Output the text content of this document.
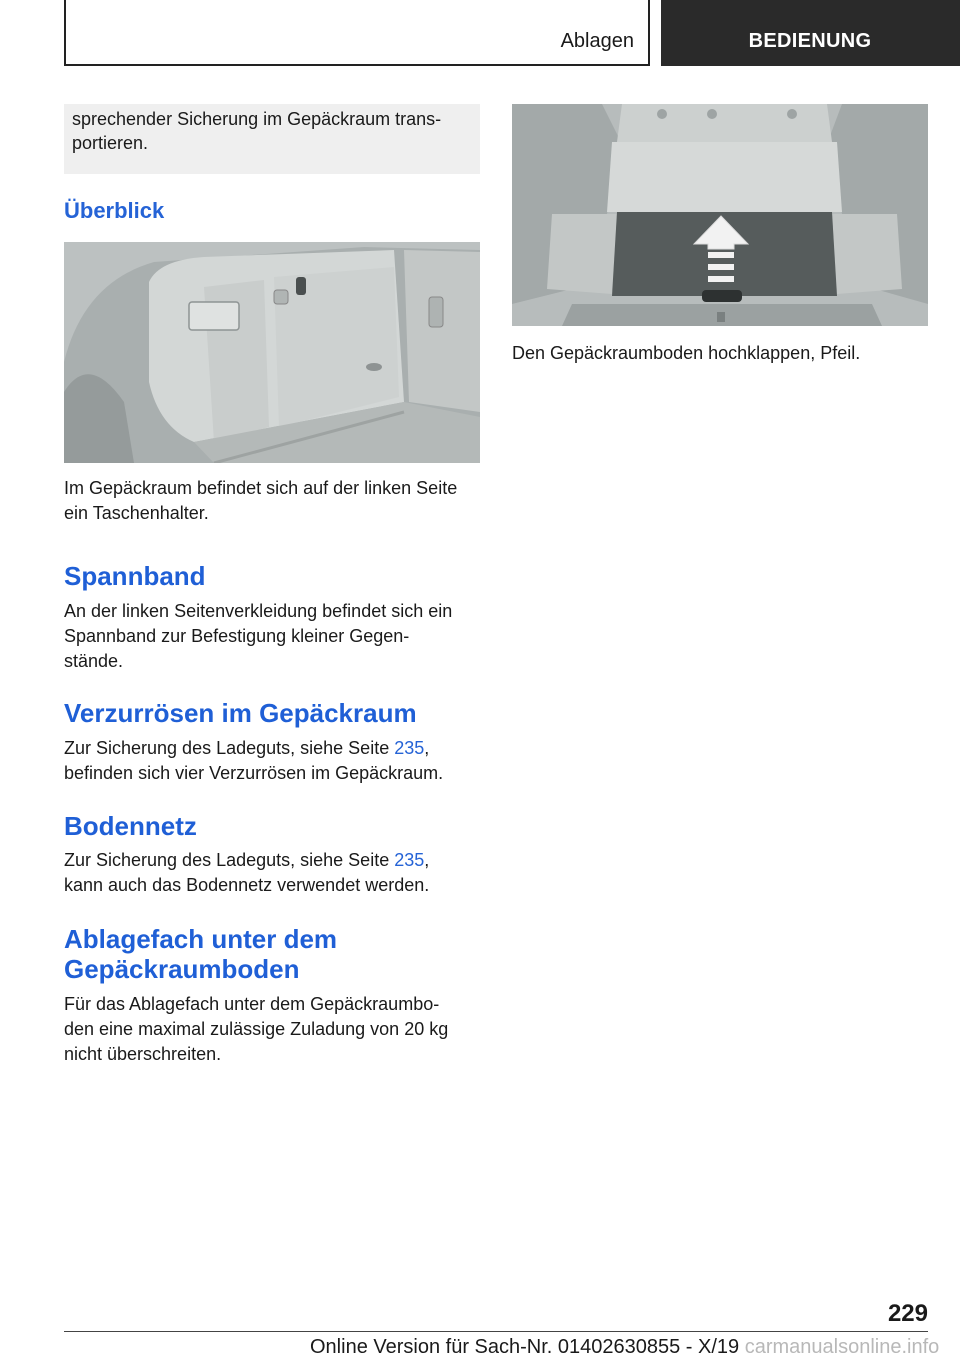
Ablagen	BEDIENUNG
sprechender Sicherung im Gepäckraum trans-
portieren.
Überblick
Im Gepäckraum befindet sich auf der linken Seite
ein Taschenhalter.
Spannband
An der linken Seitenverkleidung befindet sich ein
Spannband zur Befestigung kleiner Gegen-
stände.
Verzurrösen im Gepäckraum
Zur Sicherung des Ladeguts, siehe Seite 235,
befinden sich vier Verzurrösen im Gepäckraum.
Bodennetz
Zur Sicherung des Ladeguts, siehe Seite 235,
kann auch das Bodennetz verwendet werden.
Ablagefach unter dem
Gepäckraumboden
Für das Ablagefach unter dem Gepäckraumbo-
den eine maximal zulässige Zuladung von 20 kg
nicht überschreiten.
Den Gepäckraumboden hochklappen, Pfeil.
229
Online Version für Sach-Nr. 01402630855 - X/19 carmanualsonline.info
